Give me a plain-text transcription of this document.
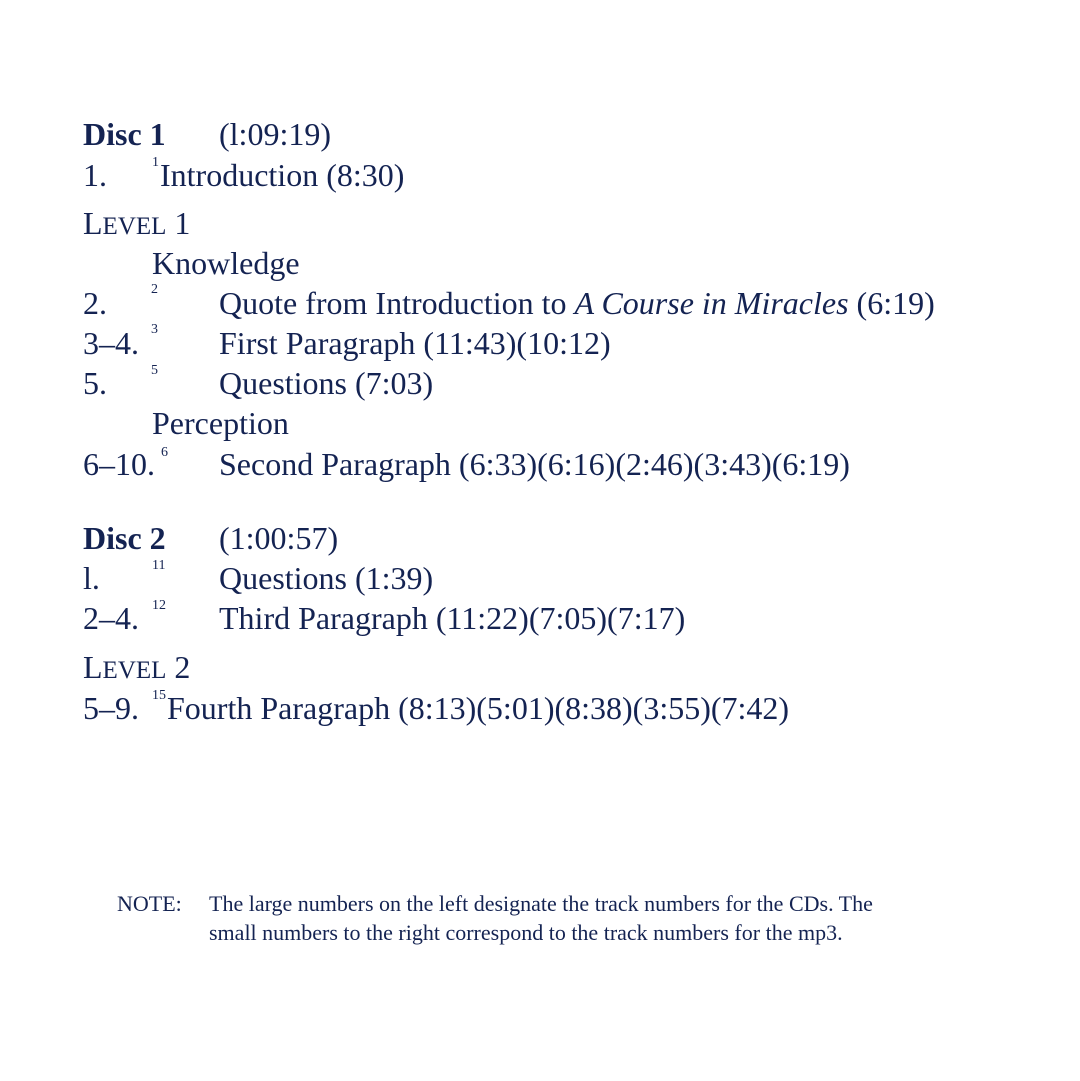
Disc 1 (l:09:19)
1.	1 Introduction (8:30)
LEVEL 1
Knowledge
2.	2 Quote from Introduction to A Course in Miracles (6:19)
3–4. 3 First Paragraph (11:43)(10:12)
5.	5 Questions (7:03)
Perception
6–10. 6 Second Paragraph (6:33)(6:16)(2:46)(3:43)(6:19)
Disc 2 (1:00:57)
l.	11 Questions (1:39)
2–4. 12 Third Paragraph (11:22)(7:05)(7:17)
LEVEL 2
5–9. 15 Fourth Paragraph (8:13)(5:01)(8:38)(3:55)(7:42)
NOTE: The large numbers on the left designate the track numbers for the CDs. The
small numbers to the right correspond to the track numbers for the mp3.
